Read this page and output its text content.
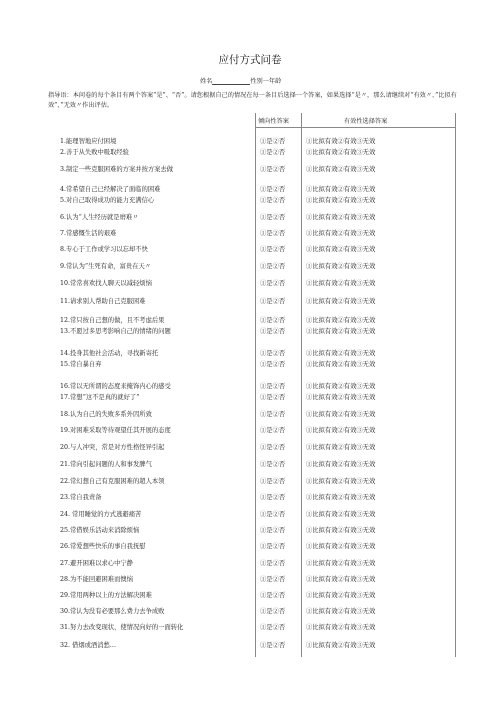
应付方式问卷
姓名	性别一年龄
指导语：本问卷的每个条目有两个答案“是”、“否”。请您根据自己的情况在每一条目后选择一个答案，如果选择“是〃，那么请继续对“有效〃、”比拟有效”、”无效〃作出评估。
倾向性答案	有效性选择答案
1.能理智地应付困境	①是②否	①比拟有效②有效③无效
2.善于从失败中吸取经验	①是②否	①比拟有效②有效③无效
3.制定一些克服困难的方案并按方案去做	①是②否	①比拟有效②有效③无效
4.常希望自己已经解决了面临的困难	①是②否	①比拟有效②有效③无效
5.对自己取得成功的能力充满信心	①是②否	①比拟有效②有效③无效
6.认为“人生经历就是磨难〃	①是②否	①比拟有效②有效③无效
7.常感慨生活的艰难	①是②否	①比拟有效②有效③无效
8.专心于工作或学习以忘却不快	①是②否	①比拟有效②有效③无效
9.常认为“生死有命，富贵在天〃	①是②否	①比拟有效②有效③无效
10.常常喜欢找人聊天以减轻烦恼	①是②否	①比拟有效②有效③无效
11.请求别人帮助自己克服困难	①是②否	①比拟有效②有效③无效
12.常只按自己想的做，且不考虑后果	①是②否	①比拟有效②有效③无效
13.不愿过多思考影响自己的情绪的问题	①是②否	①比拟有效②有效③无效
14.投身其他社会活动，寻找新寄托	①是②否	①比拟有效②有效③无效
15.常自暴自弃	①是②否	①比拟有效②有效③无效
16.常以无所谓的态度来掩饰内心的感受	①是②否	①比拟有效②有效③无效
17.常想“这不是真的就好了”	①是②否	①比拟有效②有效③无效
18.认为自己的失败多系外因所致	①是②否	①比拟有效②有效③无效
19.对困难采取等待观望任其开展的态度	①是②否	①比拟有效②有效③无效
20.与人冲突，常是对方性格怪异引起	①是②否	①比拟有效②有效③无效
21.常向引起问题的人和事发脾气	①是②否	①比拟有效②有效③无效
22.常幻想自己有克服困难的超人本领	①是②否	①比拟有效②有效③无效
23.常自我责备	①是②否	①比拟有效②有效③无效
24. 常用睡觉的方式逃避痛苦	①是②否	①比拟有效②有效③无效
25.常借娱乐活动来消除烦恼	①是②否	①比拟有效②有效③无效
26.常爱想些快乐的事自我抚慰	①是②否	①比拟有效②有效③无效
27.避开困难以求心中宁静	①是②否	①比拟有效②有效③无效
28.为不能回避困难而懊恼	①是②否	①比拟有效②有效③无效
29.常用两种以上的方法解决困难	①是②否	①比拟有效②有效③无效
30.常认为没有必要那么费力去争成败	①是②否	①比拟有效②有效③无效
31.努力去改变现状，使情况向好的一面转化	①是②否	①比拟有效②有效③无效
32. 借烟或酒消愁…	①是②否	①比拟有效②有效③无效
